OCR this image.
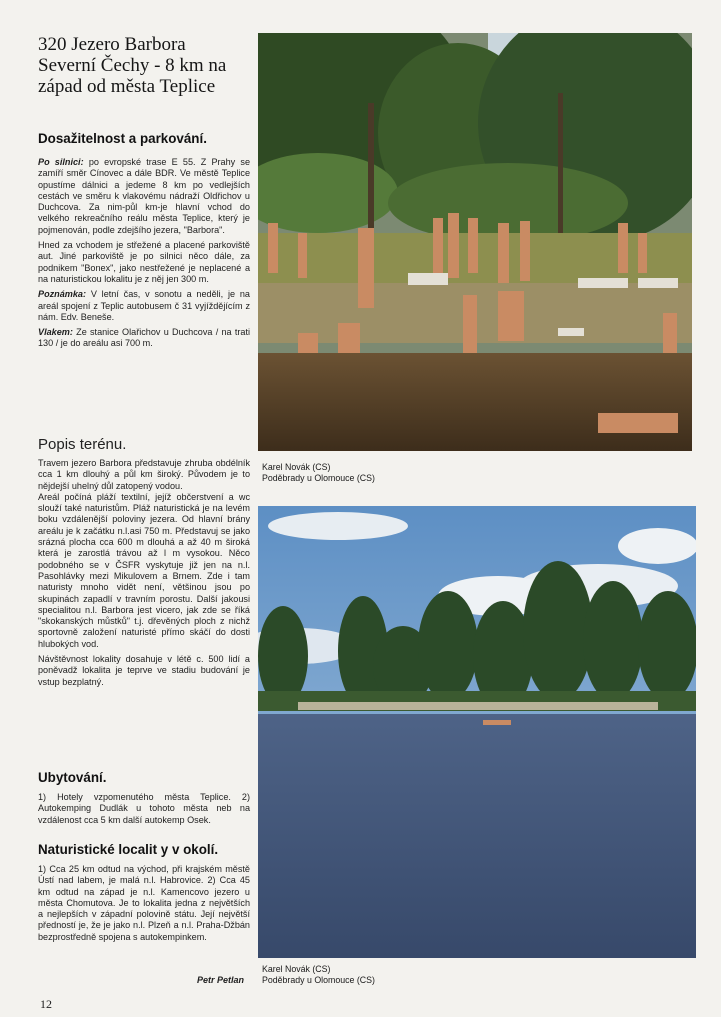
320 Jezero Barbora
Severní Čechy - 8 km na
západ od města Teplice
Dosažitelnost a parkování.

Po silnici: po evropské trase E 55. Z Prahy se zamíří směr Cínovec a dále BDR. Ve městě Teplice opustíme dálnici a jedeme 8 km po vedlejších cestách ve směru k vlakovému nádraží Oldřichov u Duchcova. Za nim-půl km-je hlavní vchod do velkého rekreačního reálu města Teplice, který je pojmenován, podle zdejšího jezera, "Barbora".

Hned za vchodem je střežené a placené parkoviště aut. Jiné parkoviště je po silnici něco dále, za podnikem "Bonex", jako nestřežené je neplacené a na naturistickou lokalitu je z něj jen 300 m.

Poznámka: V letní čas, v sonotu a neděli, je na areál spojení z Teplic autobusem č 31 vyjíždějícím z nám. Edv. Beneše.

Vlakem: Ze stanice Olařichov u Duchcova / na trati 130 / je do areálu asi 700 m.

Popis terénu.

Travem jezero Barbora představuje zhruba obdélník cca 1 km dlouhý a půl km široký. Původem je to nějdejší uhelný důl zatopený vodou.

Areál počíná pláží textilní, jejíž občerstvení a wc slouží také naturistům. Pláž naturistická je na levém boku vzdálenější poloviny jezera. Od hlavní brány areálu je k začátku n.l.asi 750 m. Představuj se jako srázná plocha cca 600 m dlouhá a až 40 m široká která je zarostlá trávou až l m vysokou. Něco podobného se v ČSFR vyskytuje již jen na n.l. Pasohlávky mezi Mikulovem a Brnem. Zde i tam naturisty mnoho vidět není, většinou jsou po skupinách zapadlí v travním porostu. Další jakousi specialitou n.l. Barbora jest vicero, jak zde se říká "skokanských můstků" t.j. dřevěných ploch z nichž sportovně založení naturisté přímo skáčí do dosti hlubokých vod.

Návštěvnost lokality dosahuje v létě c. 500 lidí a poněvadž lokalita je teprve ve stadiu budování je vstup bezplatný.

Ubytování.

1) Hotely vzpomenutého města Teplice. 2) Autokemping Dudlák u tohoto města neb na vzdálenost cca 5 km další autokemp Osek.

Naturistické localit y v okolí.

1) Cca 25 km odtud na východ, při krajském městě Ústí nad labem, je malá n.l. Habrovice. 2) Cca 45 km odtud na západ je n.l. Kamencovo jezero u města Chomutova. Je to lokalita jedna z největších a nejlepších v západní polovině státu. Její největší předností je, že je jako n.l. Plzeň a n.l. Praha-Džbán bezprostředně spojena s autokempinkem.

Petr Petlan
12
Karel Novák (CS)
Poděbrady u Olomouce (CS)
Karel Novák (CS)
Poděbrady u Olomouce (CS)
